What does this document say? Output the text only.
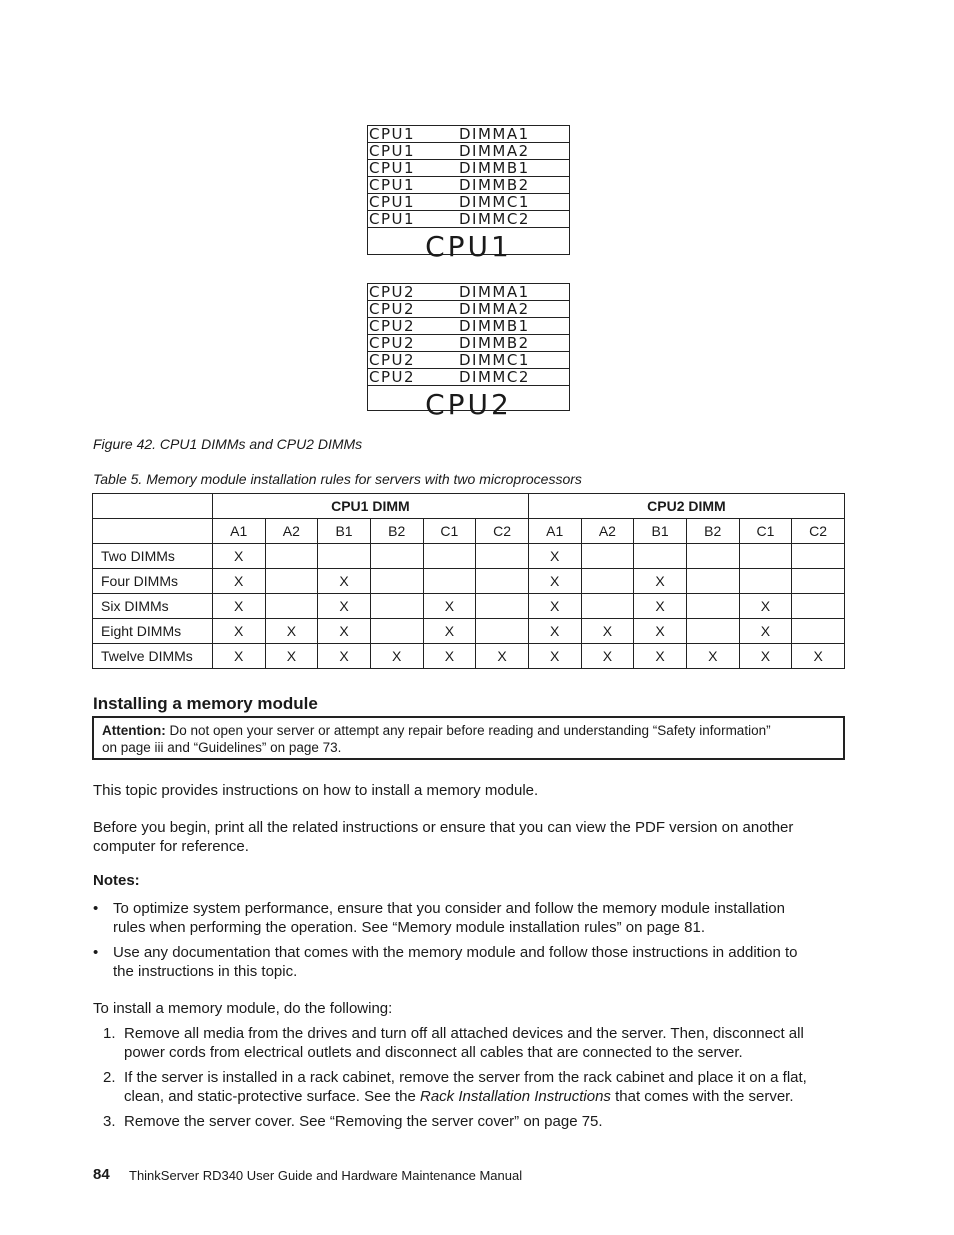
CPU1	DIMMA1
CPU1	DIMMA2
CPU1	DIMMB1
CPU1	DIMMB2
CPU1	DIMMC1
CPU1	DIMMC2
CPU1
CPU2	DIMMA1
CPU2	DIMMA2
CPU2	DIMMB1
CPU2	DIMMB2
CPU2	DIMMC1
CPU2	DIMMC2
CPU2
Figure 42. CPU1 DIMMs and CPU2 DIMMs
Table 5. Memory module installation rules for servers with two microprocessors
	CPU1 DIMM						CPU2 DIMM					
	A1	A2	B1	B2	C1	C2	A1	A2	B1	B2	C1	C2
Two DIMMs	X						X					
Four DIMMs	X		X				X		X			
Six DIMMs	X		X		X		X		X		X	
Eight DIMMs	X	X	X		X		X	X	X		X	
Twelve DIMMs	X	X	X	X	X	X	X	X	X	X	X	X
Installing a memory module
Attention: Do not open your server or attempt any repair before reading and understanding “Safety information”
on page iii and “Guidelines” on page 73.
This topic provides instructions on how to install a memory module.
Before you begin, print all the related instructions or ensure that you can view the PDF version on another
computer for reference.
Notes:
• To optimize system performance, ensure that you consider and follow the memory module installation
rules when performing the operation. See “Memory module installation rules” on page 81.
• Use any documentation that comes with the memory module and follow those instructions in addition to
the instructions in this topic.
To install a memory module, do the following:
1. Remove all media from the drives and turn off all attached devices and the server. Then, disconnect all
power cords from electrical outlets and disconnect all cables that are connected to the server.
2. If the server is installed in a rack cabinet, remove the server from the rack cabinet and place it on a flat,
clean, and static-protective surface. See the Rack Installation Instructions that comes with the server.
3. Remove the server cover. See “Removing the server cover” on page 75.
84 ThinkServer RD340 User Guide and Hardware Maintenance Manual
